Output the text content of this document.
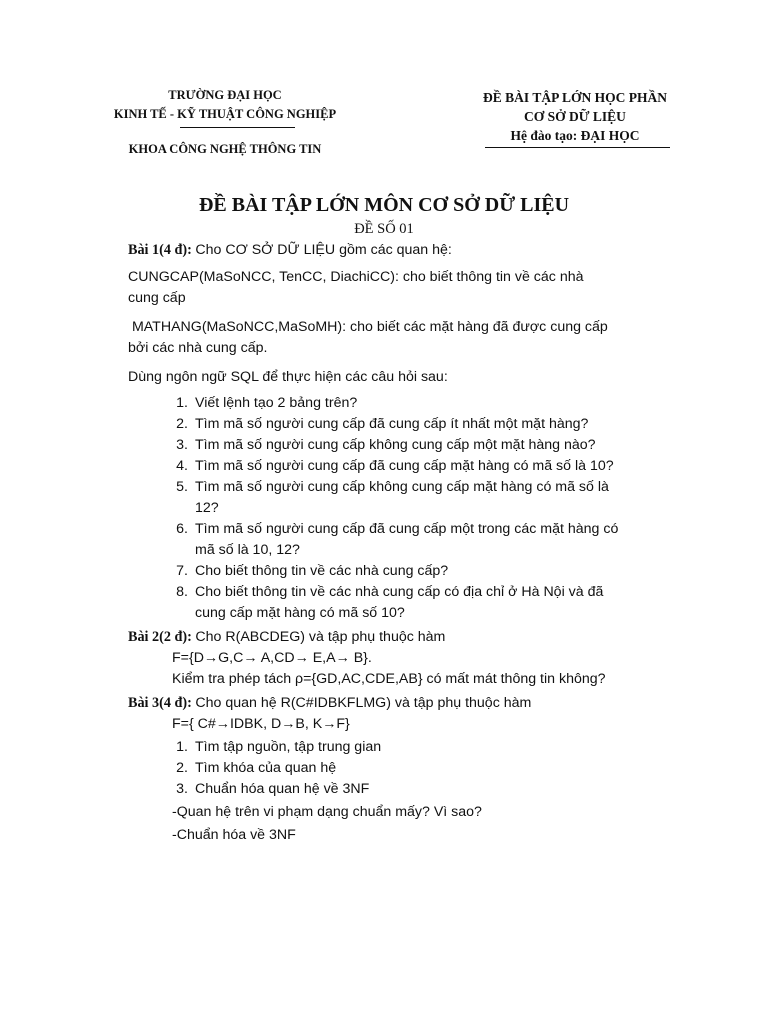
TRƯỜNG ĐẠI HỌC
KINH TẾ - KỸ THUẬT CÔNG NGHIỆP
KHOA CÔNG NGHỆ THÔNG TIN
ĐỀ BÀI TẬP LỚN HỌC PHẦN
CƠ SỞ DỮ LIỆU
Hệ đào tạo: ĐẠI HỌC
ĐỀ BÀI TẬP LỚN MÔN CƠ SỞ DỮ LIỆU
ĐỀ SỐ 01
Bài 1(4 đ): Cho CƠ SỞ DỮ LIỆU gồm các quan hệ:
CUNGCAP(MaSoNCC, TenCC, DiachiCC): cho biết thông tin về các nhà
cung cấp
MATHANG(MaSoNCC,MaSoMH): cho biết các mặt hàng đã được cung cấp
bởi các nhà cung cấp.
Dùng ngôn ngữ SQL để thực hiện các câu hỏi sau:
1. Viết lệnh tạo 2 bảng trên?
2. Tìm mã số người cung cấp đã cung cấp ít nhất một mặt hàng?
3. Tìm mã số người cung cấp không cung cấp một mặt hàng nào?
4. Tìm mã số người cung cấp đã cung cấp mặt hàng có mã số là 10?
5. Tìm mã số người cung cấp không cung cấp mặt hàng có mã số là
12?
6. Tìm mã số người cung cấp đã cung cấp một trong các mặt hàng có
mã số là 10, 12?
7. Cho biết thông tin về các nhà cung cấp?
8. Cho biết thông tin về các nhà cung cấp có địa chỉ ở Hà Nội và đã
cung cấp mặt hàng có mã số 10?
Bài 2(2 đ): Cho R(ABCDEG) và tập phụ thuộc hàm
F={D→G,C→ A,CD→ E,A→ B}.
Kiểm tra phép tách ρ={GD,AC,CDE,AB} có mất mát thông tin không?
Bài 3(4 đ): Cho quan hệ R(C#IDBKFLMG) và tập phụ thuộc hàm
F={ C#→IDBK, D→B, K→F}
1. Tìm tập nguồn, tập trung gian
2. Tìm khóa của quan hệ
3. Chuẩn hóa quan hệ về 3NF
-Quan hệ trên vi phạm dạng chuẩn mấy? Vì sao?
-Chuẩn hóa về 3NF
